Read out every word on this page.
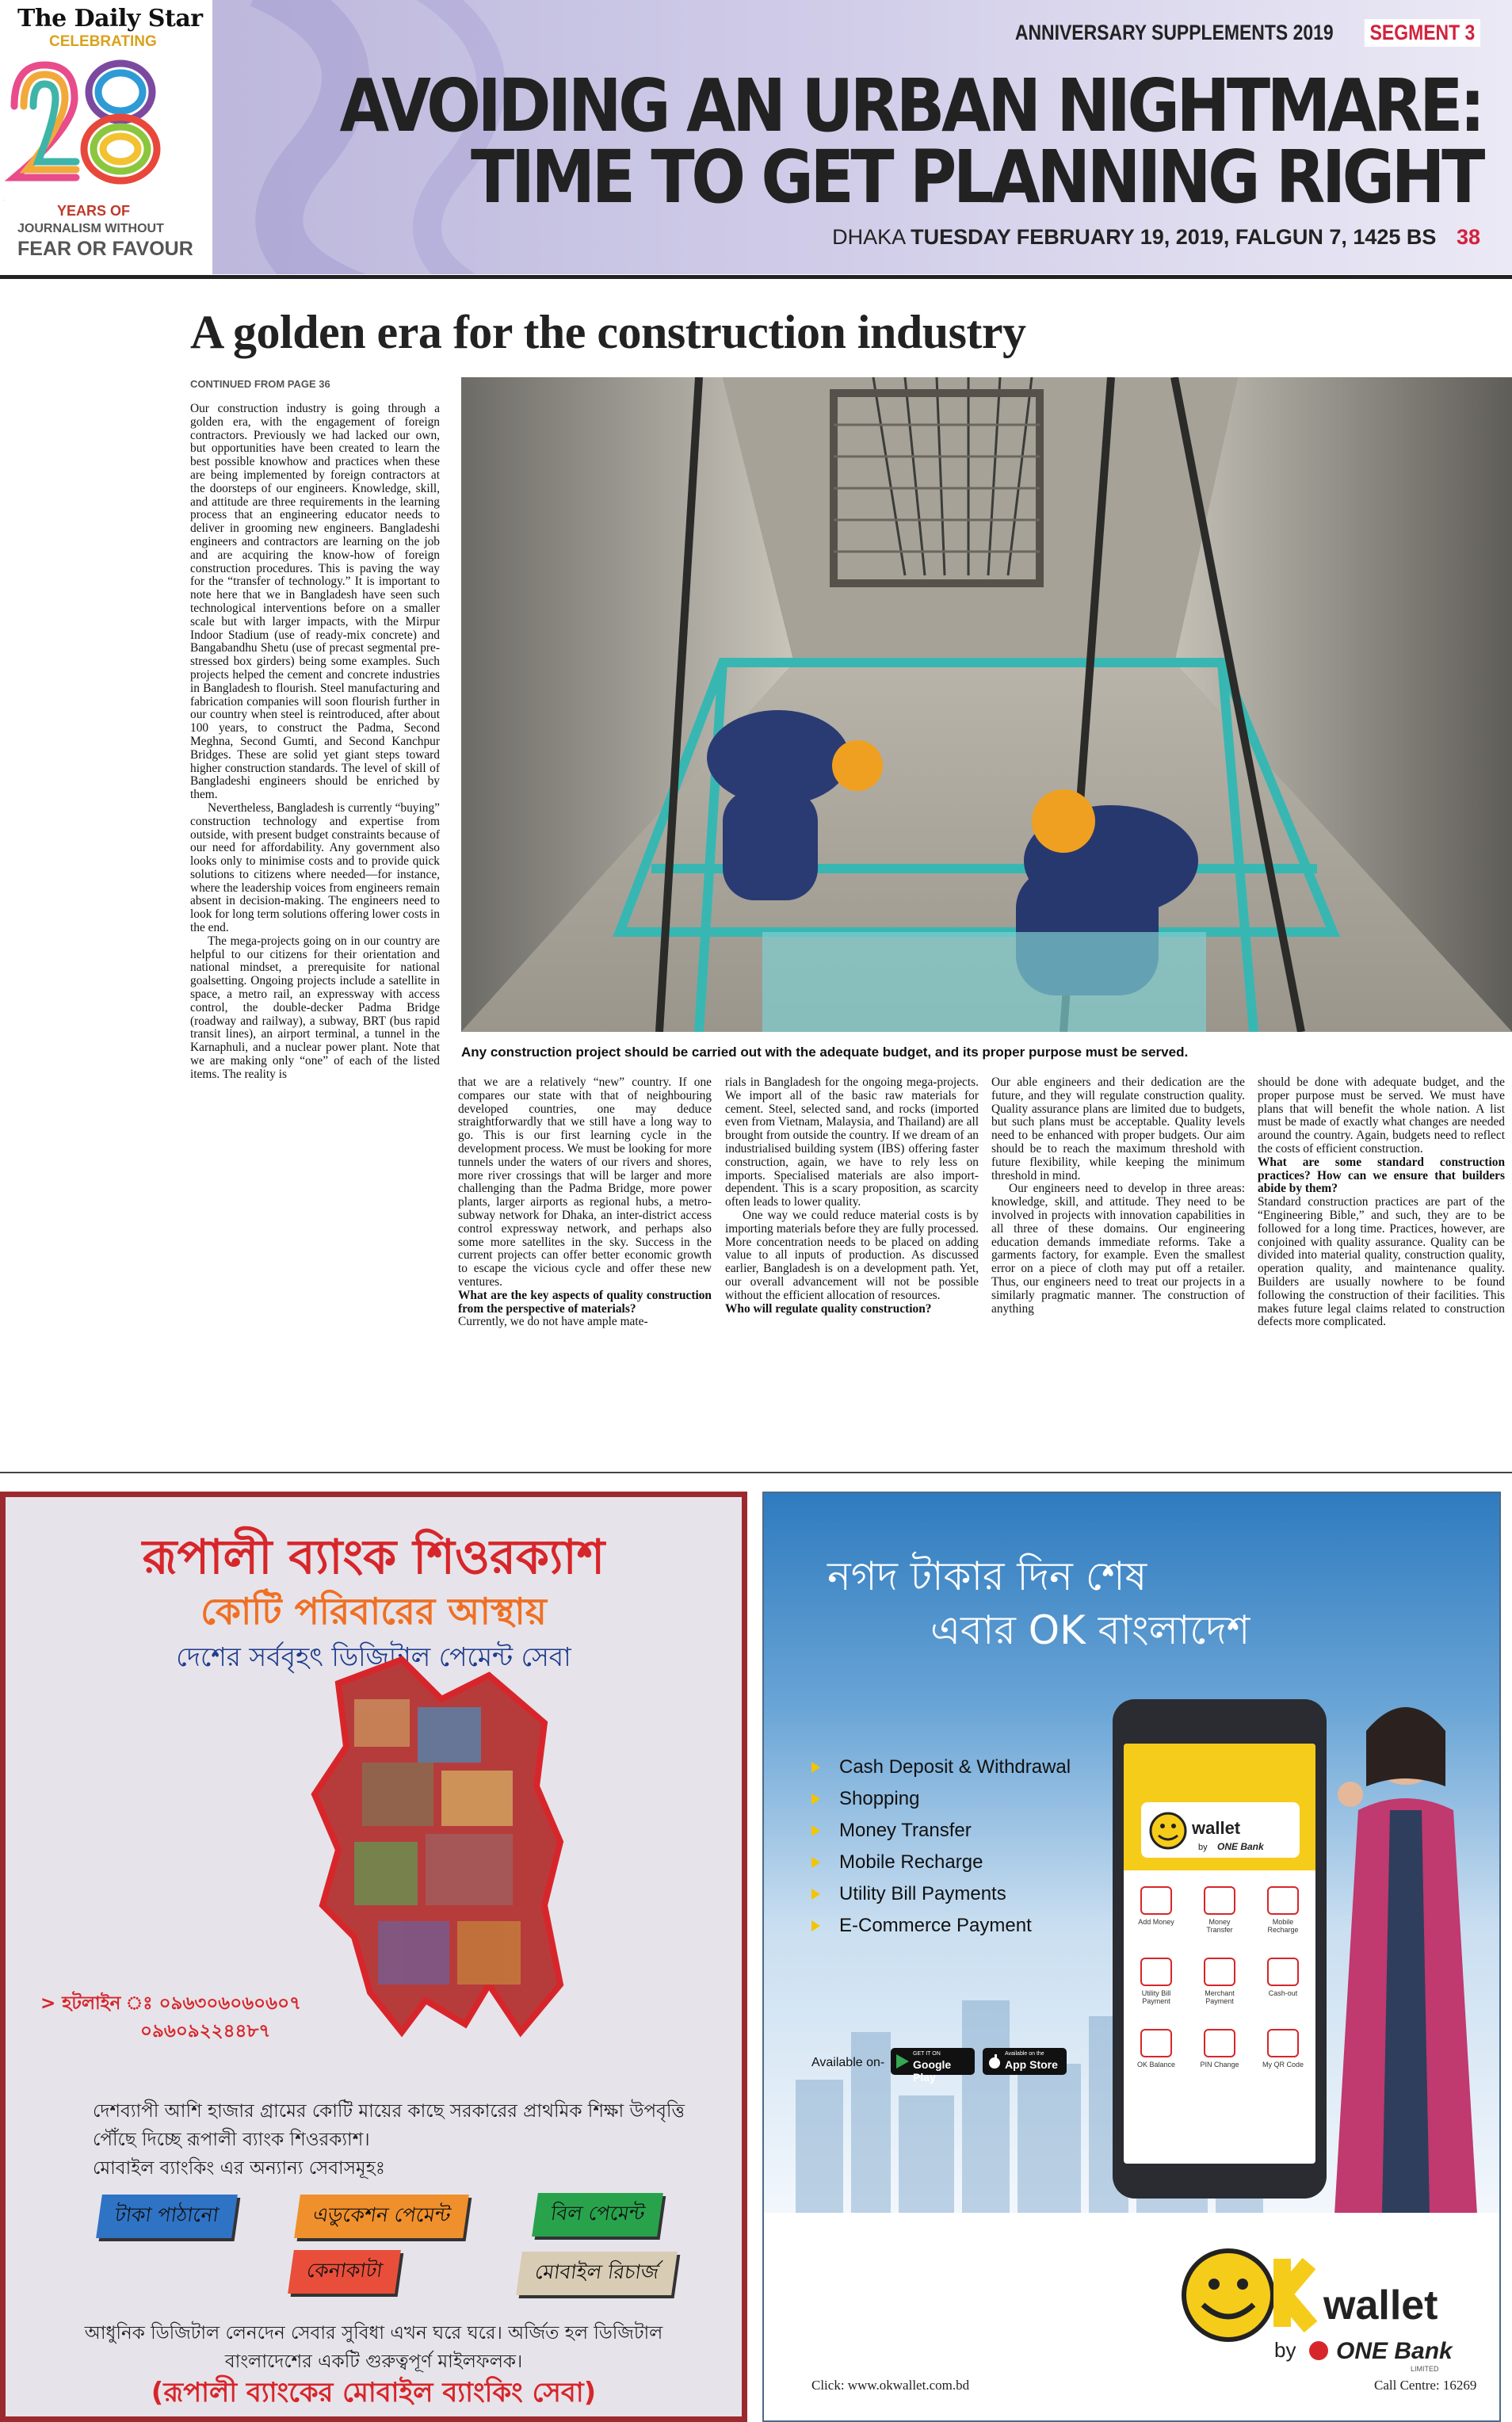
The Daily Star
CELEBRATING
28
YEARS OF
JOURNALISM WITHOUT
FEAR OR FAVOUR
ANNIVERSARY SUPPLEMENTS 2019 SEGMENT 3
AVOIDING AN URBAN NIGHTMARE:
TIME TO GET PLANNING RIGHT
DHAKA TUESDAY FEBRUARY 19, 2019, FALGUN 7, 1425 BS 38
A golden era for the construction industry
CONTINUED FROM PAGE 36

Our construction industry is going through a golden era, with the engagement of foreign contractors. Previously we had lacked our own, but opportunities have been created to learn the best possible knowhow and practices when these are being implemented by foreign contractors at the doorsteps of our engineers. Knowledge, skill, and attitude are three requirements in the learning process that an engineering educator needs to deliver in grooming new engineers. Bangladeshi engineers and contractors are learning on the job and are acquiring the know-how of foreign construction procedures. This is paving the way for the “transfer of technology.” It is important to note here that we in Bangladesh have seen such technological interventions before on a smaller scale but with larger impacts, with the Mirpur Indoor Stadium (use of ready-mix concrete) and Bangabandhu Shetu (use of precast segmental pre-stressed box girders) being some examples. Such projects helped the cement and concrete industries in Bangladesh to flourish. Steel manufacturing and fabrication companies will soon flourish further in our country when steel is reintroduced, after about 100 years, to construct the Padma, Second Meghna, Second Gumti, and Second Kanchpur Bridges. These are solid yet giant steps toward higher construction standards. The level of skill of Bangladeshi engineers should be enriched by them.

Nevertheless, Bangladesh is currently “buying” construction technology and expertise from outside, with present budget constraints because of our need for affordability. Any government also looks only to minimise costs and to provide quick solutions to citizens where needed—for instance, where the leadership voices from engineers remain absent in decision-making. The engineers need to look for long term solutions offering lower costs in the end.

The mega-projects going on in our country are helpful to our citizens for their orientation and national mindset, a prerequisite for national goalsetting. Ongoing projects include a satellite in space, a metro rail, an expressway with access control, the double-decker Padma Bridge (roadway and railway), a subway, BRT (bus rapid transit lines), an airport terminal, a tunnel in the Karnaphuli, and a nuclear power plant. Note that we are making only “one” of each of the listed items. The reality is

Any construction project should be carried out with the adequate budget, and its proper purpose must be served.

that we are a relatively “new” country. If one compares our state with that of neighbouring developed countries, one may deduce straightforwardly that we still have a long way to go. This is our first learning cycle in the development process. We must be looking for more tunnels under the waters of our rivers and shores, more river crossings that will be larger and more challenging than the Padma Bridge, more power plants, larger airports as regional hubs, a metro-subway network for Dhaka, an inter-district access control expressway network, and perhaps also some more satellites in the sky. Success in the current projects can offer better economic growth to escape the vicious cycle and offer these new ventures.

What are the key aspects of quality construction from the perspective of materials?

Currently, we do not have ample mate-

rials in Bangladesh for the ongoing mega-projects. We import all of the basic raw materials for cement. Steel, selected sand, and rocks (imported even from Vietnam, Malaysia, and Thailand) are all brought from outside the country. If we dream of an industrialised building system (IBS) offering faster construction, again, we have to rely less on imports. Specialised materials are also import-dependent. This is a scary proposition, as scarcity often leads to lower quality.

One way we could reduce material costs is by importing materials before they are fully processed. More concentration needs to be placed on adding value to all inputs of production. As discussed earlier, Bangladesh is on a development path. Yet, our overall advancement will not be possible without the efficient allocation of resources.

Who will regulate quality construction?

Our able engineers and their dedication are the future, and they will regulate construction quality. Quality assurance plans are limited due to budgets, but such plans must be acceptable. Quality levels need to be enhanced with proper budgets. Our aim should be to reach the maximum threshold with future flexibility, while keeping the minimum threshold in mind.

Our engineers need to develop in three areas: knowledge, skill, and attitude. They need to be involved in projects with innovation capabilities in all three of these domains. Our engineering education demands immediate reforms. Take a garments factory, for example. Even the smallest error on a piece of cloth may put off a retailer. Thus, our engineers need to treat our projects in a similarly pragmatic manner. The construction of anything

should be done with adequate budget, and the proper purpose must be served. We must have plans that will benefit the whole nation. A list must be made of exactly what changes are needed around the country. Again, budgets need to reflect the costs of efficient construction.

What are some standard construction practices? How can we ensure that builders abide by them?

Standard construction practices are part of the “Engineering Bible,” and such, they are to be followed for a long time. Practices, however, are conjoined with quality assurance. Quality can be divided into material quality, construction quality, operation quality, and maintenance quality. Builders are usually nowhere to be found following the construction of their facilities. This makes future legal claims related to construction defects more complicated.

রূপালী ব্যাংক শিওরক্যাশ
কোটি পরিবারের আস্থায়
দেশের সর্ববৃহৎ ডিজিটাল পেমেন্ট সেবা
> হটলাইন ঃ ০৯৬৩০৬০৬০৬০৭
০৯৬০৯২২৪৪৮৭
দেশব্যাপী আশি হাজার গ্রামের কোটি মায়ের কাছে সরকারের প্রাথমিক শিক্ষা উপবৃত্তি
পৌঁছে দিচ্ছে রূপালী ব্যাংক শিওরক্যাশ।
মোবাইল ব্যাংকিং এর অন্যান্য সেবাসমূহঃ
টাকা পাঠানো	এডুকেশন পেমেন্ট	বিল পেমেন্ট
কেনাকাটা	মোবাইল রিচার্জ
আধুনিক ডিজিটাল লেনদেন সেবার সুবিধা এখন ঘরে ঘরে। অর্জিত হল ডিজিটাল
বাংলাদেশের একটি গুরুত্বপূর্ণ মাইলফলক।
(রূপালী ব্যাংকের মোবাইল ব্যাংকিং সেবা)
নগদ টাকার দিন শেষ
এবার OK বাংলাদেশ
Cash Deposit & Withdrawal
Shopping
Money Transfer
Mobile Recharge
Utility Bill Payments
E-Commerce Payment
Available on-
GET IT ON
Google Play
Available on the
App Store
wallet
by ONE Bank
Add Money	Money Transfer
Mobile Recharge
Utility Bill Payment
Merchant Payment
Cash-out
OK Balance	PIN Change	My QR Code
wallet
by ONE Bank
LIMITED
Click: www.okwallet.com.bd	Call Centre: 16269
